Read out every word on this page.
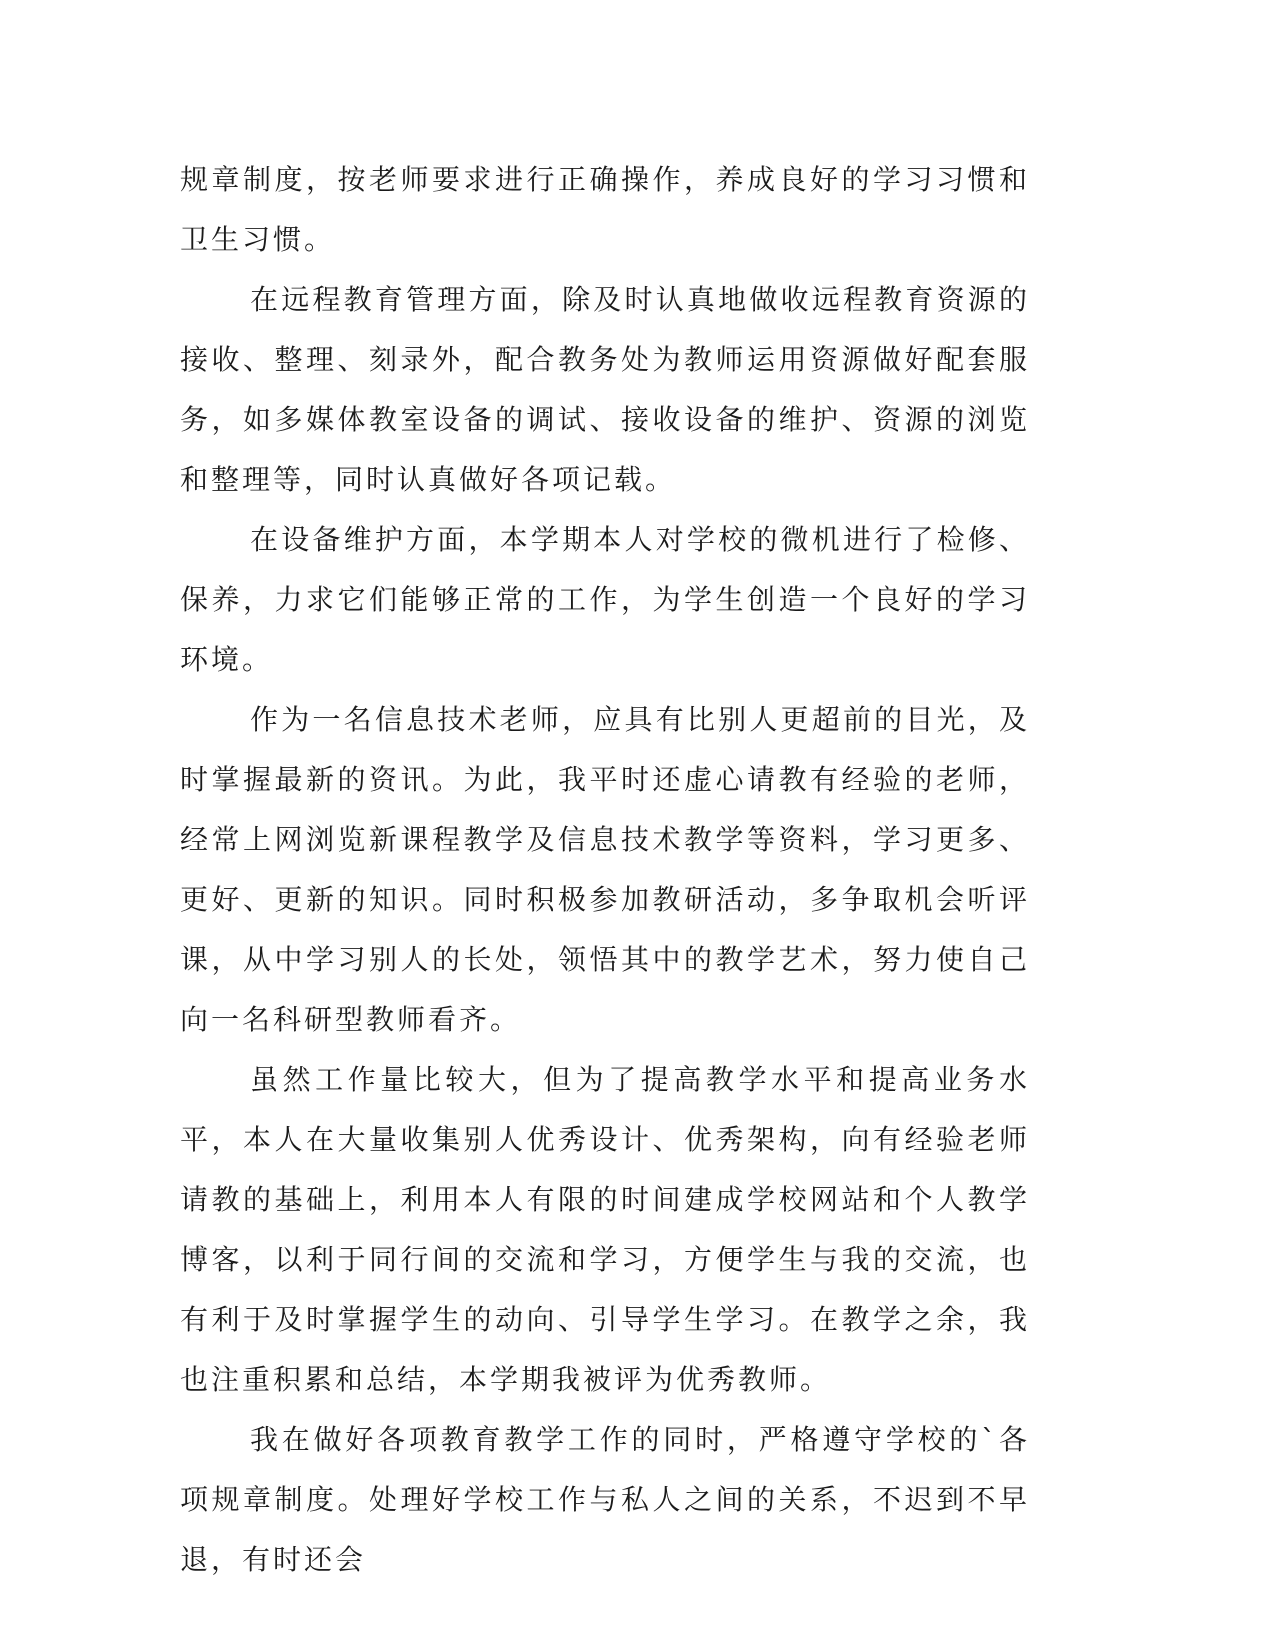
规章制度，按老师要求进行正确操作，养成良好的学习习惯和卫生习惯。

在远程教育管理方面，除及时认真地做收远程教育资源的接收、整理、刻录外，配合教务处为教师运用资源做好配套服务，如多媒体教室设备的调试、接收设备的维护、资源的浏览和整理等，同时认真做好各项记载。

在设备维护方面，本学期本人对学校的微机进行了检修、保养，力求它们能够正常的工作，为学生创造一个良好的学习环境。

作为一名信息技术老师，应具有比别人更超前的目光，及时掌握最新的资讯。为此，我平时还虚心请教有经验的老师，经常上网浏览新课程教学及信息技术教学等资料，学习更多、更好、更新的知识。同时积极参加教研活动，多争取机会听评课，从中学习别人的长处，领悟其中的教学艺术，努力使自己向一名科研型教师看齐。

虽然工作量比较大，但为了提高教学水平和提高业务水平，本人在大量收集别人优秀设计、优秀架构，向有经验老师请教的基础上，利用本人有限的时间建成学校网站和个人教学博客，以利于同行间的交流和学习，方便学生与我的交流，也有利于及时掌握学生的动向、引导学生学习。在教学之余，我也注重积累和总结，本学期我被评为优秀教师。

我在做好各项教育教学工作的同时，严格遵守学校的`各项规章制度。处理好学校工作与私人之间的关系，不迟到不早退，有时还会
